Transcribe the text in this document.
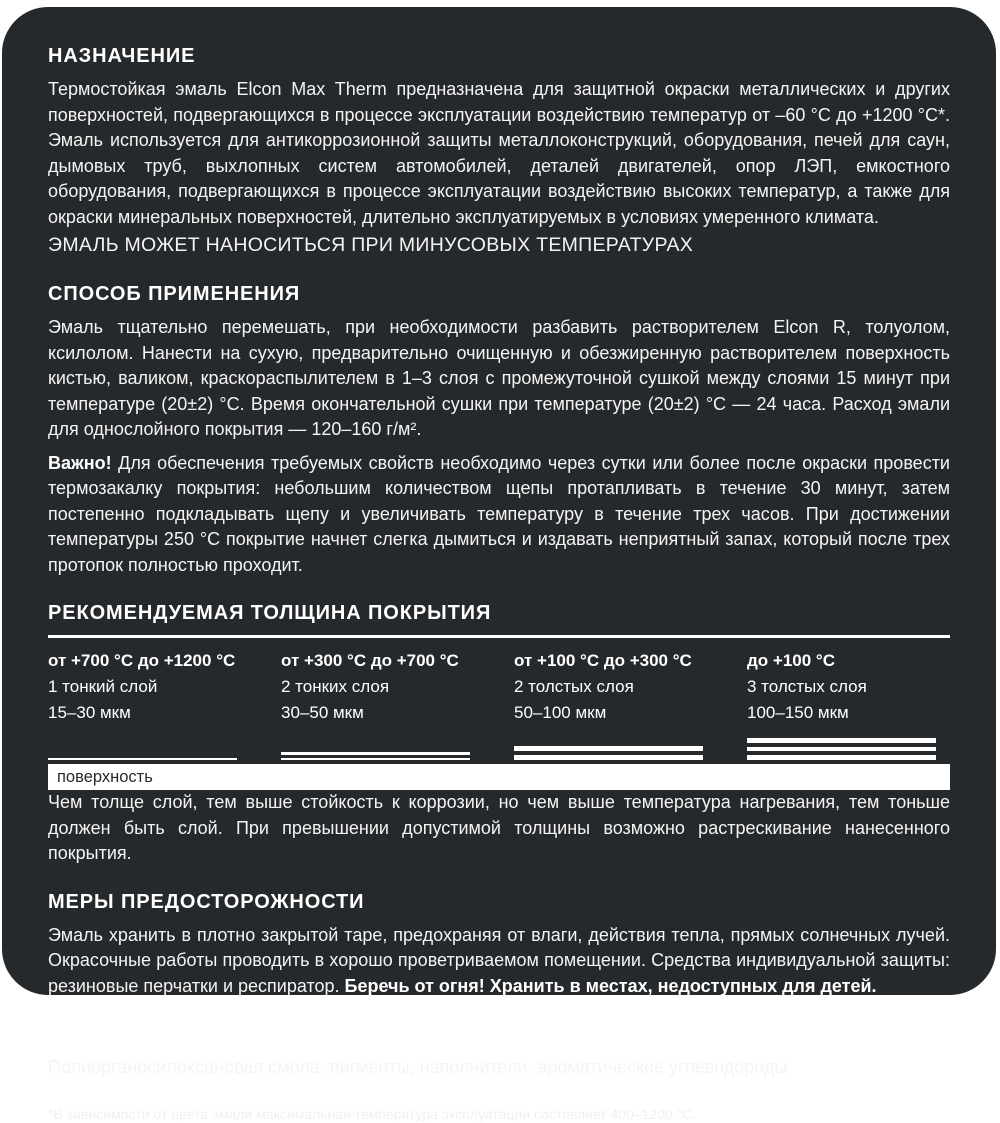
НАЗНАЧЕНИЕ

Термостойкая эмаль Elcon Max Therm предназначена для защитной окраски металлических и других поверхностей, подвергающихся в процессе эксплуатации воздействию температур от –60 °С до +1200 °С*. Эмаль используется для антикоррозионной защиты металлоконструкций, оборудования, печей для саун, дымовых труб, выхлопных систем автомобилей, деталей двигателей, опор ЛЭП, емкостного оборудования, подвергающихся в процессе эксплуатации воздействию высоких температур, а также для окраски минеральных поверхностей, длительно эксплуатируемых в условиях умеренного климата.

ЭМАЛЬ МОЖЕТ НАНОСИТЬСЯ ПРИ МИНУСОВЫХ ТЕМПЕРАТУРАХ

СПОСОБ ПРИМЕНЕНИЯ

Эмаль тщательно перемешать, при необходимости разбавить растворителем Elcon R, толуолом, ксилолом. Нанести на сухую, предварительно очищенную и обезжиренную растворителем поверхность кистью, валиком, краскораспылителем в 1–3 слоя с промежуточной сушкой между слоями 15 минут при температуре (20±2) °С. Время окончательной сушки при температуре (20±2) °С — 24 часа. Расход эмали для однослойного покрытия — 120–160 г/м².

Важно! Для обеспечения требуемых свойств необходимо через сутки или более после окраски провести термозакалку покрытия: небольшим количеством щепы протапливать в течение 30 минут, затем постепенно подкладывать щепу и увеличивать температуру в течение трех часов. При достижении температуры 250 °С покрытие начнет слегка дымиться и издавать неприятный запах, который после трех протопок полностью проходит.

РЕКОМЕНДУЕМАЯ ТОЛЩИНА ПОКРЫТИЯ
от +700 °С до +1200 °С
1 тонкий слой
15–30 мкм
от +300 °С до +700 °С
2 тонких слоя
30–50 мкм
от +100 °С до +300 °С
2 толстых слоя
50–100 мкм
до +100 °С
3 толстых слоя
100–150 мкм
поверхность

Чем толще слой, тем выше стойкость к коррозии, но чем выше температура нагревания, тем тоньше должен быть слой. При превышении допустимой толщины возможно растрескивание нанесенного покрытия.

МЕРЫ ПРЕДОСТОРОЖНОСТИ

Эмаль хранить в плотно закрытой таре, предохраняя от влаги, действия тепла, прямых солнечных лучей. Окрасочные работы проводить в хорошо проветриваемом помещении. Средства индивидуальной защиты: резиновые перчатки и респиратор. Беречь от огня! Хранить в местах, недоступных для детей.

СОСТАВ

Полиорганосилоксановая смола, пигменты, наполнители, ароматические углеводороды.

*В зависимости от цвета эмали максимальная температура эксплуатации составляет 400–1200 °С.
